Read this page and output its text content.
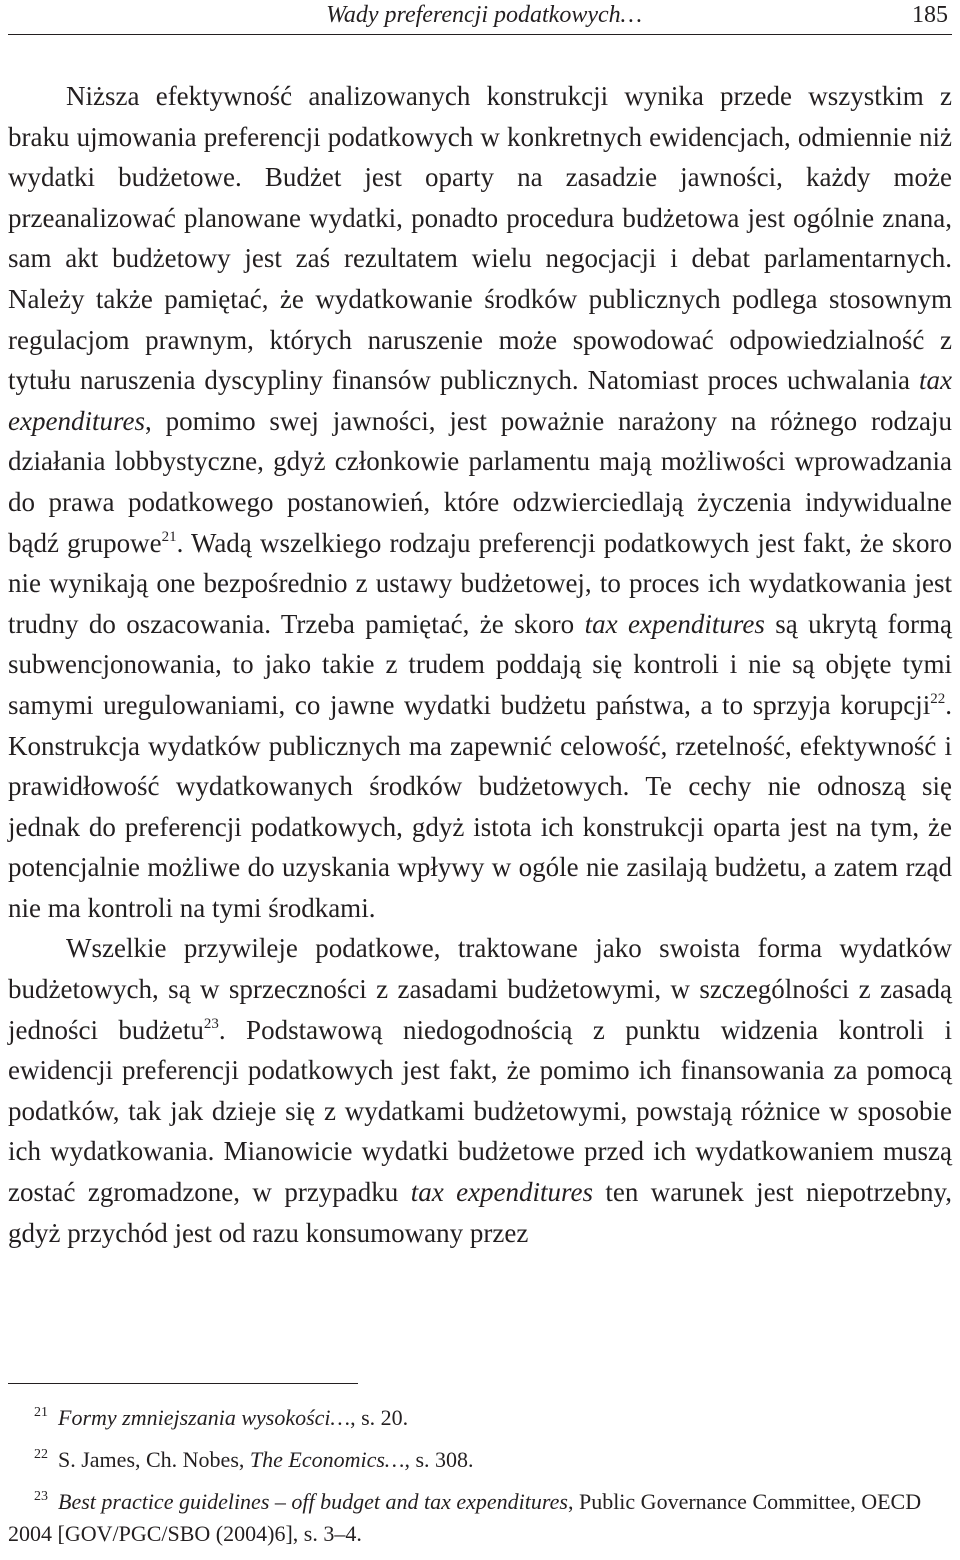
Wady preferencji podatkowych…	185

Niższa efektywność analizowanych konstrukcji wynika przede wszystkim z braku ujmowania preferencji podatkowych w konkretnych ewidencjach, odmiennie niż wydatki budżetowe. Budżet jest oparty na zasadzie jawności, każdy może przeanalizować planowane wydatki, ponadto procedura budżetowa jest ogólnie znana, sam akt budżetowy jest zaś rezultatem wielu negocjacji i debat parlamentarnych. Należy także pamiętać, że wydatkowanie środków publicznych podlega stosownym regulacjom prawnym, których naruszenie może spowodować odpowiedzialność z tytułu naruszenia dyscypliny finansów publicznych. Natomiast proces uchwalania tax expenditures, pomimo swej jawności, jest poważnie narażony na różnego rodzaju działania lobbystyczne, gdyż członkowie parlamentu mają możliwości wprowadzania do prawa podatkowego postanowień, które odzwierciedlają życzenia indywidualne bądź grupowe$^{21}$. Wadą wszelkiego rodzaju preferencji podatkowych jest fakt, że skoro nie wynikają one bezpośrednio z ustawy budżetowej, to proces ich wydatkowania jest trudny do oszacowania. Trzeba pamiętać, że skoro tax expenditures są ukrytą formą subwencjonowania, to jako takie z trudem poddają się kontroli i nie są objęte tymi samymi uregulowaniami, co jawne wydatki budżetu państwa, a to sprzyja korupcji$^{22}$. Konstrukcja wydatków publicznych ma zapewnić celowość, rzetelność, efektywność i prawidłowość wydatkowanych środków budżetowych. Te cechy nie odnoszą się jednak do preferencji podatkowych, gdyż istota ich konstrukcji oparta jest na tym, że potencjalnie możliwe do uzyskania wpływy w ogóle nie zasilają budżetu, a zatem rząd nie ma kontroli na tymi środkami.

Wszelkie przywileje podatkowe, traktowane jako swoista forma wydatków budżetowych, są w sprzeczności z zasadami budżetowymi, w szczególności z zasadą jedności budżetu$^{23}$. Podstawową niedogodnością z punktu widzenia kontroli i ewidencji preferencji podatkowych jest fakt, że pomimo ich finansowania za pomocą podatków, tak jak dzieje się z wydatkami budżetowymi, powstają różnice w sposobie ich wydatkowania. Mianowicie wydatki budżetowe przed ich wydatkowaniem muszą zostać zgromadzone, w przypadku tax expenditures ten warunek jest niepotrzebny, gdyż przychód jest od razu konsumowany przez

$^{21}$ Formy zmniejszania wysokości…, s. 20.

$^{22}$ S. James, Ch. Nobes, The Economics…, s. 308.

$^{23}$ Best practice guidelines – off budget and tax expenditures, Public Governance Committee, OECD 2004 [GOV/PGC/SBO (2004)6], s. 3–4.
